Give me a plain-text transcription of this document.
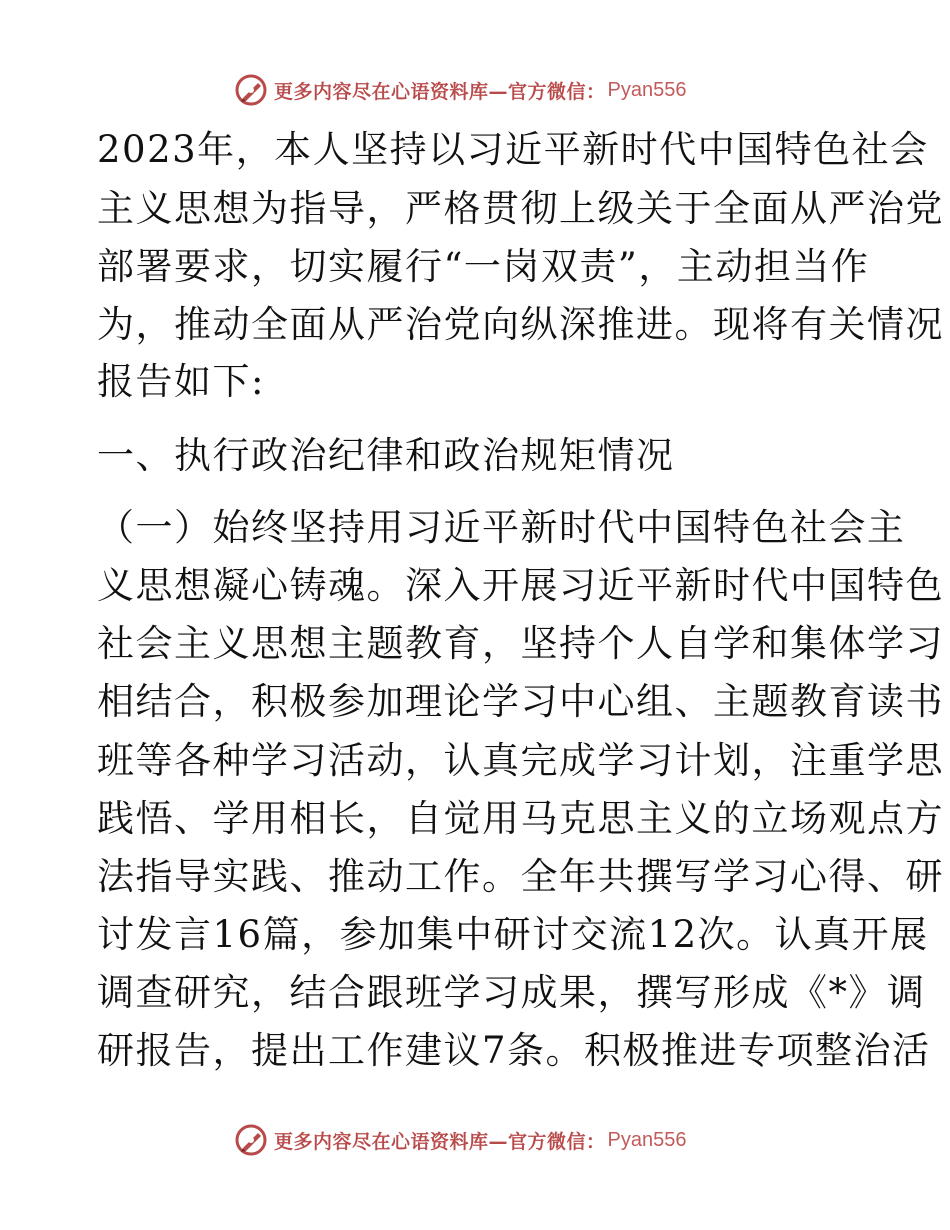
更多内容尽在心语资料库—官方微信： Pyan556
2023年，本人坚持以习近平新时代中国特色社会
主义思想为指导，严格贯彻上级关于全面从严治党
部署要求，切实履行“一岗双责”，主动担当作
为，推动全面从严治党向纵深推进。现将有关情况
报告如下:
一、执行政治纪律和政治规矩情况
（一）始终坚持用习近平新时代中国特色社会主
义思想凝心铸魂。深入开展习近平新时代中国特色
社会主义思想主题教育，坚持个人自学和集体学习
相结合，积极参加理论学习中心组、主题教育读书
班等各种学习活动，认真完成学习计划，注重学思
践悟、学用相长，自觉用马克思主义的立场观点方
法指导实践、推动工作。全年共撰写学习心得、研
讨发言16篇，参加集中研讨交流12次。认真开展
调查研究，结合跟班学习成果，撰写形成《*》调
研报告，提出工作建议7条。积极推进专项整治活
更多内容尽在心语资料库—官方微信： Pyan556
